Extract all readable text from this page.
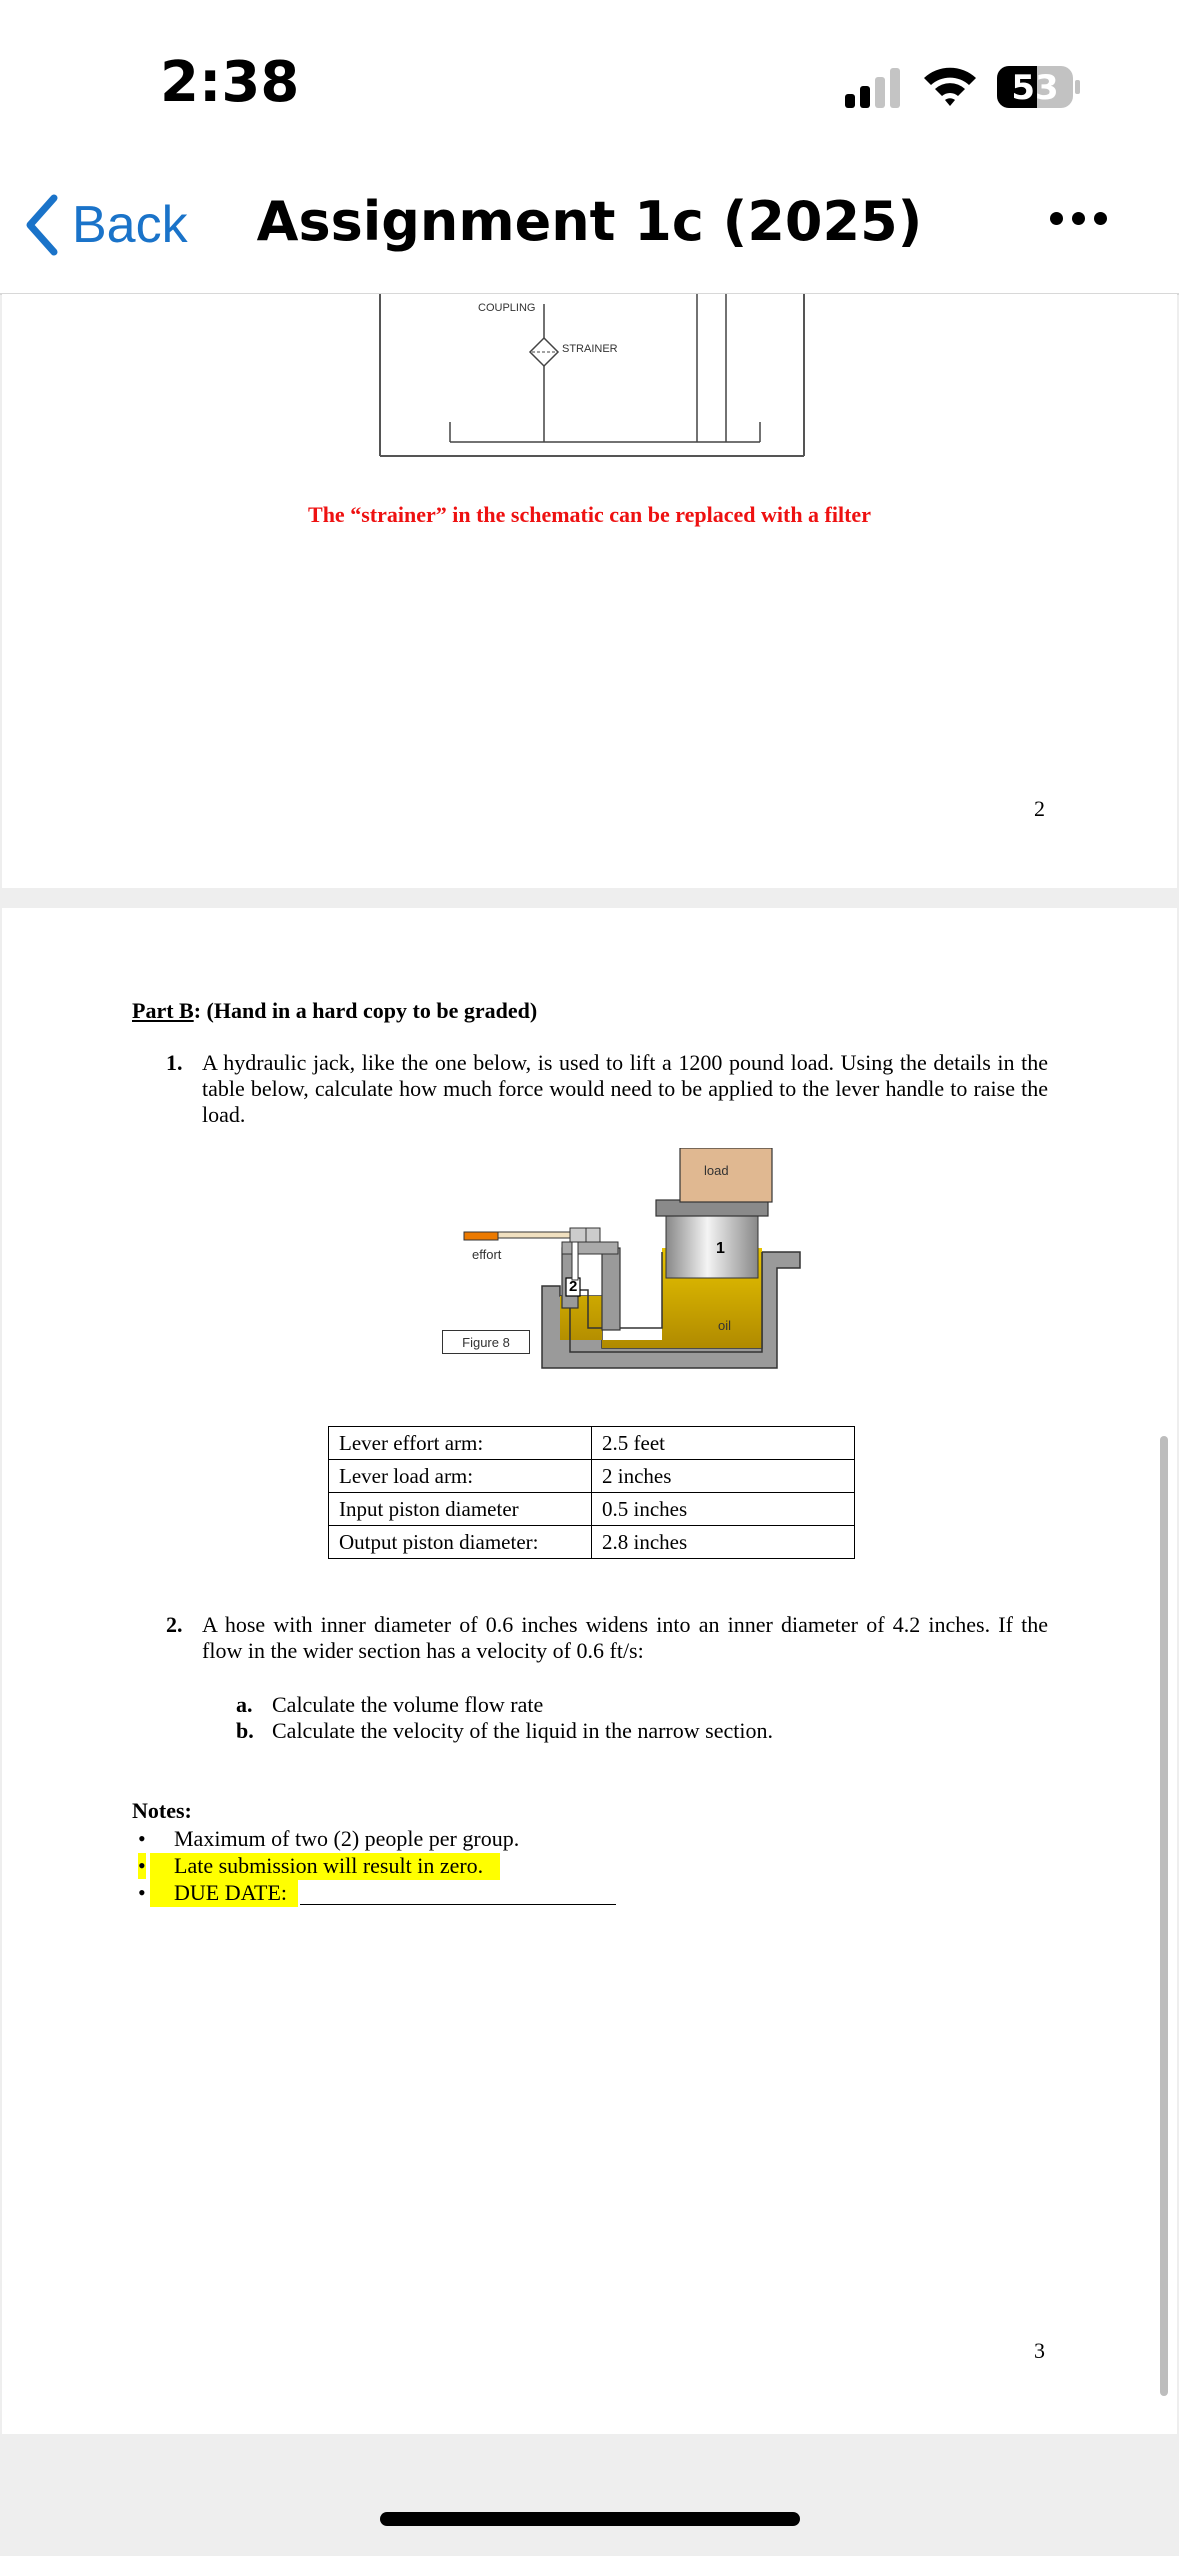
2:38	53
Back	Assignment 1c (2025)
COUPLING
STRAINER
The “strainer” in the schematic can be replaced with a filter
2
Part B: (Hand in a hard copy to be graded)
1. A hydraulic jack, like the one below, is used to lift a 1200 pound load. Using the details in the table below, calculate how much force would need to be applied to the lever handle to raise the load.
load
effort	1
2
oil
Figure 8
Lever effort arm:	2.5 feet
Lever load arm:	2 inches
Input piston diameter	0.5 inches
Output piston diameter:	2.8 inches
2. A hose with inner diameter of 0.6 inches widens into an inner diameter of 4.2 inches. If the flow in the wider section has a velocity of 0.6 ft/s:
a. Calculate the volume flow rate
b. Calculate the velocity of the liquid in the narrow section.
Notes:
• Maximum of two (2) people per group.
• Late submission will result in zero.
• DUE DATE:
3
